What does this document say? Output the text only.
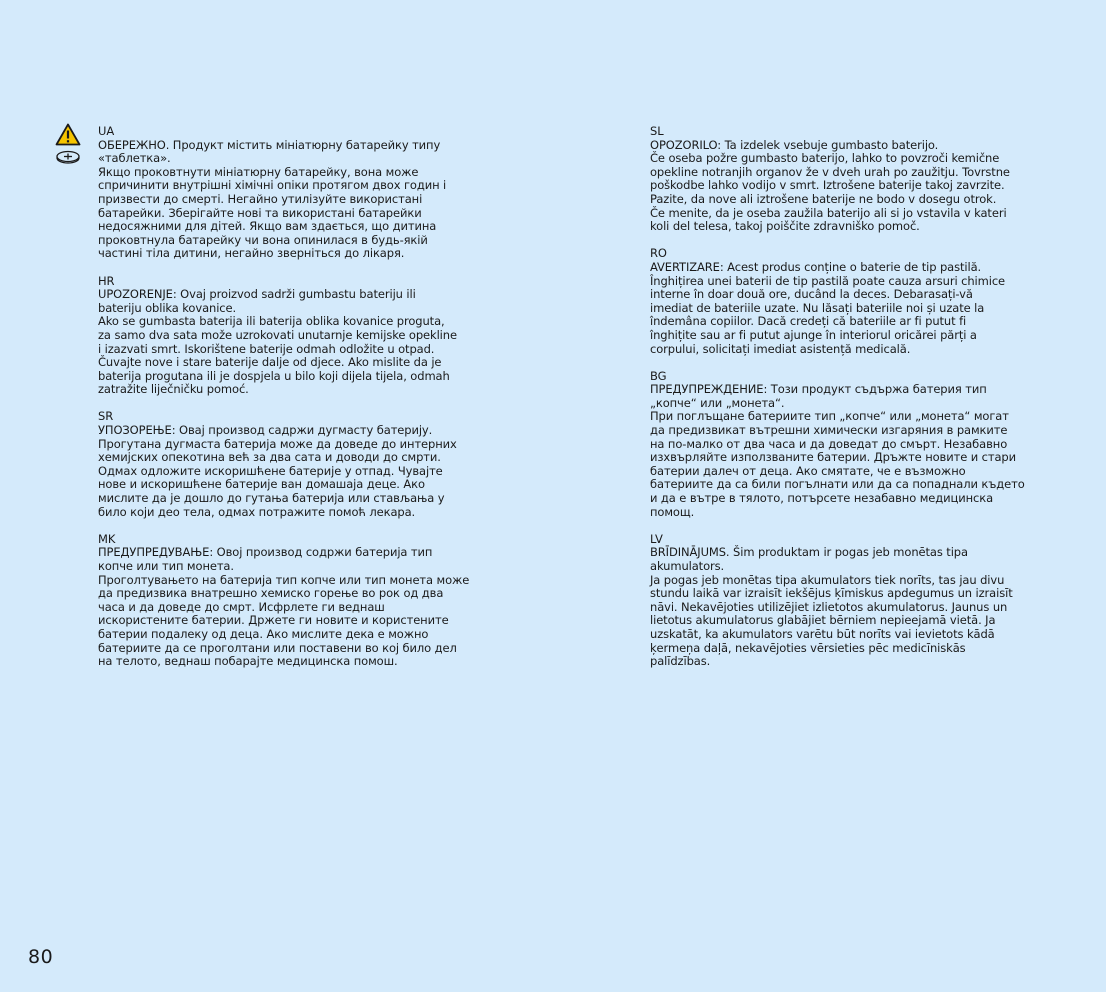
UA
ОБЕРЕЖНО. Продукт містить мініатюрну батарейку типу
«таблетка».
Якщо проковтнути мініатюрну батарейку, вона може
спричинити внутрішні хімічні опіки протягом двох годин і
призвести до смерті. Негайно утилізуйте використані
батарейки. Зберігайте нові та використані батарейки
недосяжними для дітей. Якщо вам здається, що дитина
проковтнула батарейку чи вона опинилася в будь-якій
частині тіла дитини, негайно зверніться до лікаря.
HR
UPOZORENJE: Ovaj proizvod sadrži gumbastu bateriju ili
bateriju oblika kovanice.
Ako se gumbasta baterija ili baterija oblika kovanice proguta,
za samo dva sata može uzrokovati unutarnje kemijske opekline
i izazvati smrt. Iskorištene baterije odmah odložite u otpad.
Čuvajte nove i stare baterije dalje od djece. Ako mislite da je
baterija progutana ili je dospjela u bilo koji dijela tijela, odmah
zatražite liječničku pomoć.
SR
УПОЗОРЕЊЕ: Овај производ садржи дугмасту батерију.
Прогутана дугмаста батерија може да доведе до интерних
хемијских опекотина већ за два сата и доводи до смрти.
Одмах одложите искоришћене батерије у отпад. Чувајте
нове и искоришћене батерије ван домашаја деце. Ако
мислите да је дошло до гутања батерија или стављања у
било који део тела, одмах потражите помоћ лекара.
MK
ПРЕДУПРЕДУВАЊЕ: Овој производ содржи батерија тип
копче или тип монета.
Проголтувањето на батерија тип копче или тип монета може
да предизвика внатрешно хемиско горење во рок од два
часа и да доведе до смрт. Исфрлете ги веднаш
искористените батерии. Држете ги новите и користените
батерии подалеку од деца. Ако мислите дека е можно
батериите да се проголтани или поставени во кој било дел
на телото, веднаш побарајте медицинска помош.
SL
OPOZORILO: Ta izdelek vsebuje gumbasto baterijo.
Če oseba požre gumbasto baterijo, lahko to povzroči kemične
opekline notranjih organov že v dveh urah po zaužitju. Tovrstne
poškodbe lahko vodijo v smrt. Iztrošene baterije takoj zavrzite.
Pazite, da nove ali iztrošene baterije ne bodo v dosegu otrok.
Če menite, da je oseba zaužila baterijo ali si jo vstavila v kateri
koli del telesa, takoj poiščite zdravniško pomoč.
RO
AVERTIZARE: Acest produs conține o baterie de tip pastilă.
Înghițirea unei baterii de tip pastilă poate cauza arsuri chimice
interne în doar două ore, ducând la deces. Debarasați-vă
imediat de bateriile uzate. Nu lăsați bateriile noi și uzate la
îndemâna copiilor. Dacă credeți că bateriile ar fi putut fi
înghițite sau ar fi putut ajunge în interiorul oricărei părți a
corpului, solicitați imediat asistență medicală.
BG
ПРЕДУПРЕЖДЕНИЕ: Този продукт съдържа батерия тип
„копче“ или „монета“.
При поглъщане батериите тип „копче“ или „монета“ могат
да предизвикат вътрешни химически изгаряния в рамките
на по-малко от два часа и да доведат до смърт. Незабавно
изхвърляйте използваните батерии. Дръжте новите и стари
батерии далеч от деца. Ако смятате, че е възможно
батериите да са били погълнати или да са попаднали където
и да е вътре в тялото, потърсете незабавно медицинска
помощ.
LV
BRĪDINĀJUMS. Šim produktam ir pogas jeb monētas tipa
akumulators.
Ja pogas jeb monētas tipa akumulators tiek norīts, tas jau divu
stundu laikā var izraisīt iekšējus ķīmiskus apdegumus un izraisīt
nāvi. Nekavējoties utilizējiet izlietotos akumulatorus. Jaunus un
lietotus akumulatorus glabājiet bērniem nepieejamā vietā. Ja
uzskatāt, ka akumulators varētu būt norīts vai ievietots kādā
ķermeņa daļā, nekavējoties vērsieties pēc medicīniskās
palīdzības.
80
